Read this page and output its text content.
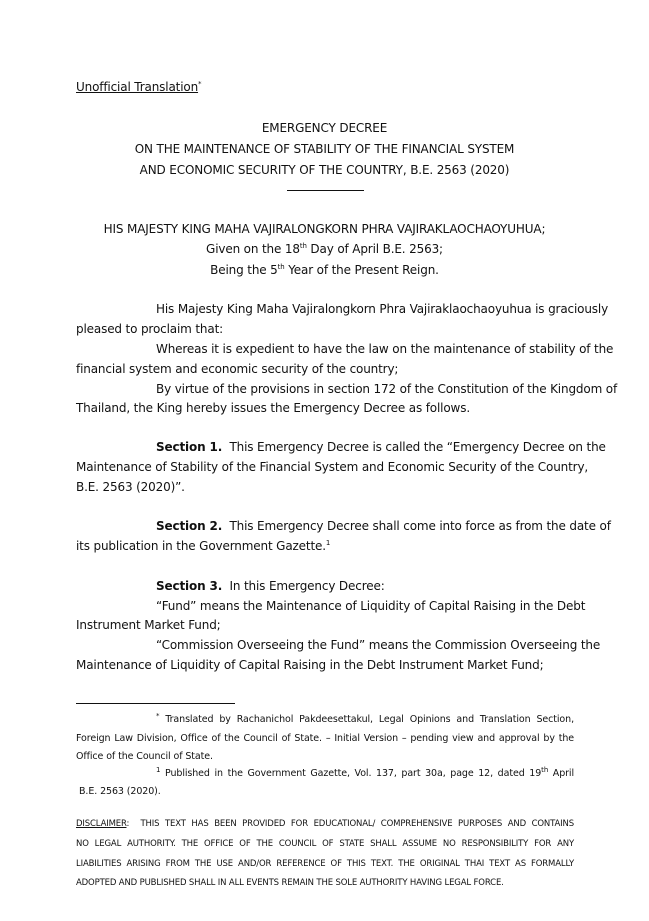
Unofficial Translation*
EMERGENCY DECREE
ON THE MAINTENANCE OF STABILITY OF THE FINANCIAL SYSTEM
AND ECONOMIC SECURITY OF THE COUNTRY, B.E. 2563 (2020)
HIS MAJESTY KING MAHA VAJIRALONGKORN PHRA VAJIRAKLAOCHAOYUHUA;
Given on the 18th Day of April B.E. 2563;
Being the 5th Year of the Present Reign.
His Majesty King Maha Vajiralongkorn Phra Vajiraklaochaoyuhua is graciously
pleased to proclaim that:
Whereas it is expedient to have the law on the maintenance of stability of the
financial system and economic security of the country;
By virtue of the provisions in section 172 of the Constitution of the Kingdom of
Thailand, the King hereby issues the Emergency Decree as follows.
Section 1. This Emergency Decree is called the “Emergency Decree on the
Maintenance of Stability of the Financial System and Economic Security of the Country,
B.E. 2563 (2020)”.
Section 2. This Emergency Decree shall come into force as from the date of
its publication in the Government Gazette.$^1$
Section 3. In this Emergency Decree:
“Fund” means the Maintenance of Liquidity of Capital Raising in the Debt
Instrument Market Fund;
“Commission Overseeing the Fund” means the Commission Overseeing the
Maintenance of Liquidity of Capital Raising in the Debt Instrument Market Fund;
* Translated by Rachanichol Pakdeesettakul, Legal Opinions and Translation Section,
Foreign Law Division, Office of the Council of State. – Initial Version – pending view and approval by the
Office of the Council of State.
$^1$ Published in the Government Gazette, Vol. 137, part 30a, page 12, dated 19th April
B.E. 2563 (2020).
DISCLAIMER: THIS TEXT HAS BEEN PROVIDED FOR EDUCATIONAL/ COMPREHENSIVE PURPOSES AND CONTAINS
NO LEGAL AUTHORITY. THE OFFICE OF THE COUNCIL OF STATE SHALL ASSUME NO RESPONSIBILITY FOR ANY
LIABILITIES ARISING FROM THE USE AND/OR REFERENCE OF THIS TEXT. THE ORIGINAL THAI TEXT AS FORMALLY
ADOPTED AND PUBLISHED SHALL IN ALL EVENTS REMAIN THE SOLE AUTHORITY HAVING LEGAL FORCE.
